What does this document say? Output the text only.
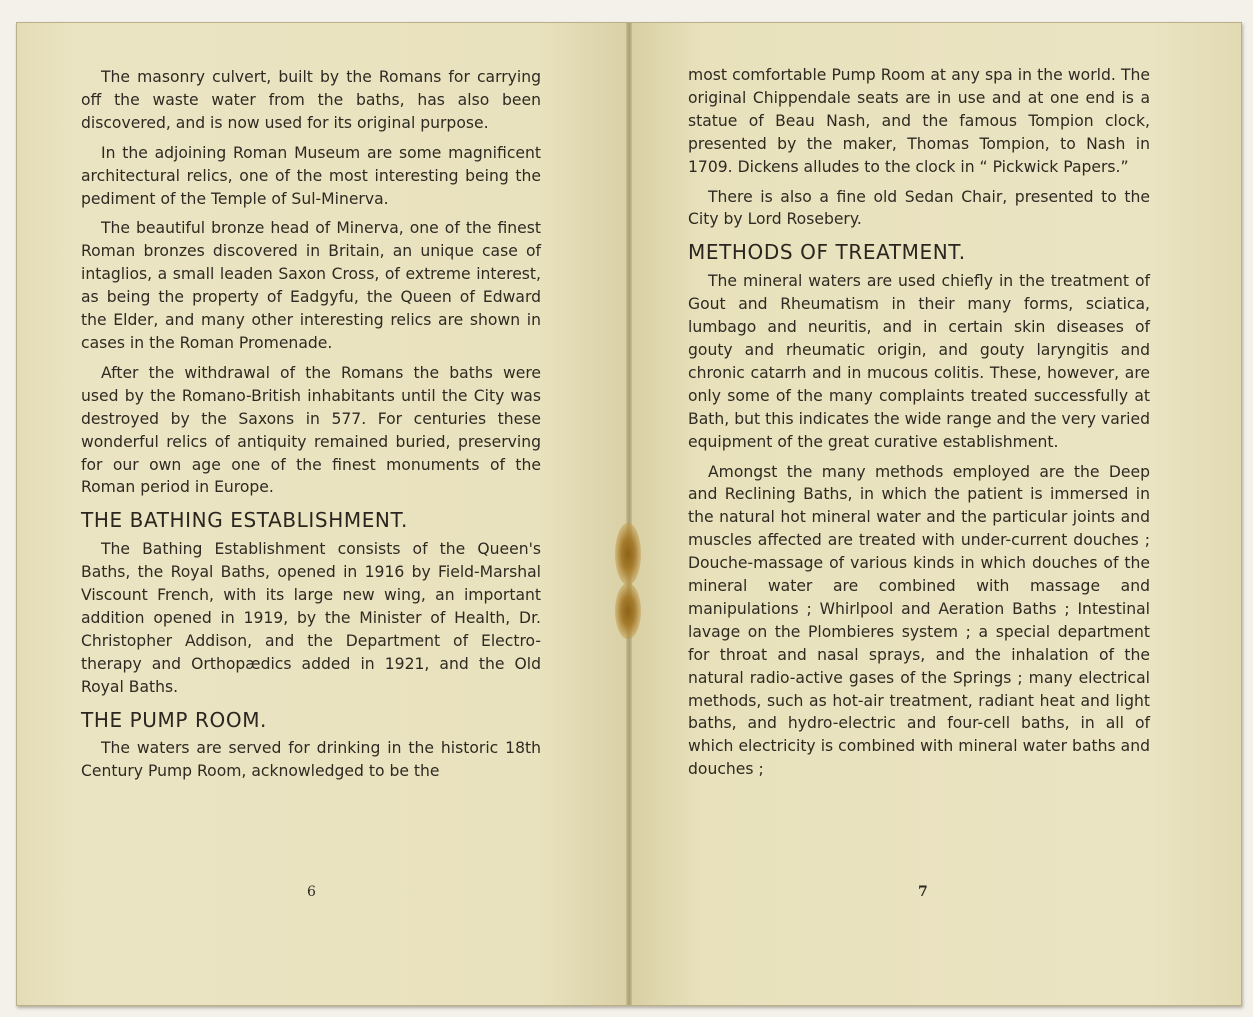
The masonry culvert, built by the Romans for carrying off the waste water from the baths, has also been discovered, and is now used for its original purpose.

In the adjoining Roman Museum are some magnificent architectural relics, one of the most interesting being the pediment of the Temple of Sul-Minerva.

The beautiful bronze head of Minerva, one of the finest Roman bronzes discovered in Britain, an unique case of intaglios, a small leaden Saxon Cross, of extreme interest, as being the property of Eadgyfu, the Queen of Edward the Elder, and many other interesting relics are shown in cases in the Roman Promenade.

After the withdrawal of the Romans the baths were used by the Romano-British inhabitants until the City was destroyed by the Saxons in 577. For centuries these wonderful relics of antiquity remained buried, preserving for our own age one of the finest monuments of the Roman period in Europe.

THE BATHING ESTABLISHMENT.

The Bathing Establishment consists of the Queen's Baths, the Royal Baths, opened in 1916 by Field-Marshal Viscount French, with its large new wing, an important addition opened in 1919, by the Minister of Health, Dr. Christopher Addison, and the Department of Electro-therapy and Orthopædics added in 1921, and the Old Royal Baths.

THE PUMP ROOM.

The waters are served for drinking in the historic 18th Century Pump Room, acknowledged to be the

6

most comfortable Pump Room at any spa in the world. The original Chippendale seats are in use and at one end is a statue of Beau Nash, and the famous Tompion clock, presented by the maker, Thomas Tompion, to Nash in 1709. Dickens alludes to the clock in “ Pickwick Papers.”

There is also a fine old Sedan Chair, presented to the City by Lord Rosebery.

METHODS OF TREATMENT.

The mineral waters are used chiefly in the treatment of Gout and Rheumatism in their many forms, sciatica, lumbago and neuritis, and in certain skin diseases of gouty and rheumatic origin, and gouty laryngitis and chronic catarrh and in mucous colitis. These, however, are only some of the many complaints treated successfully at Bath, but this indicates the wide range and the very varied equipment of the great curative establishment.

Amongst the many methods employed are the Deep and Reclining Baths, in which the patient is immersed in the natural hot mineral water and the particular joints and muscles affected are treated with under-current douches ; Douche-massage of various kinds in which douches of the mineral water are combined with massage and manipulations ; Whirlpool and Aeration Baths ; Intestinal lavage on the Plombieres system ; a special department for throat and nasal sprays, and the inhalation of the natural radio-active gases of the Springs ; many electrical methods, such as hot-air treatment, radiant heat and light baths, and hydro-electric and four-cell baths, in all of which electricity is combined with mineral water baths and douches ;

7
